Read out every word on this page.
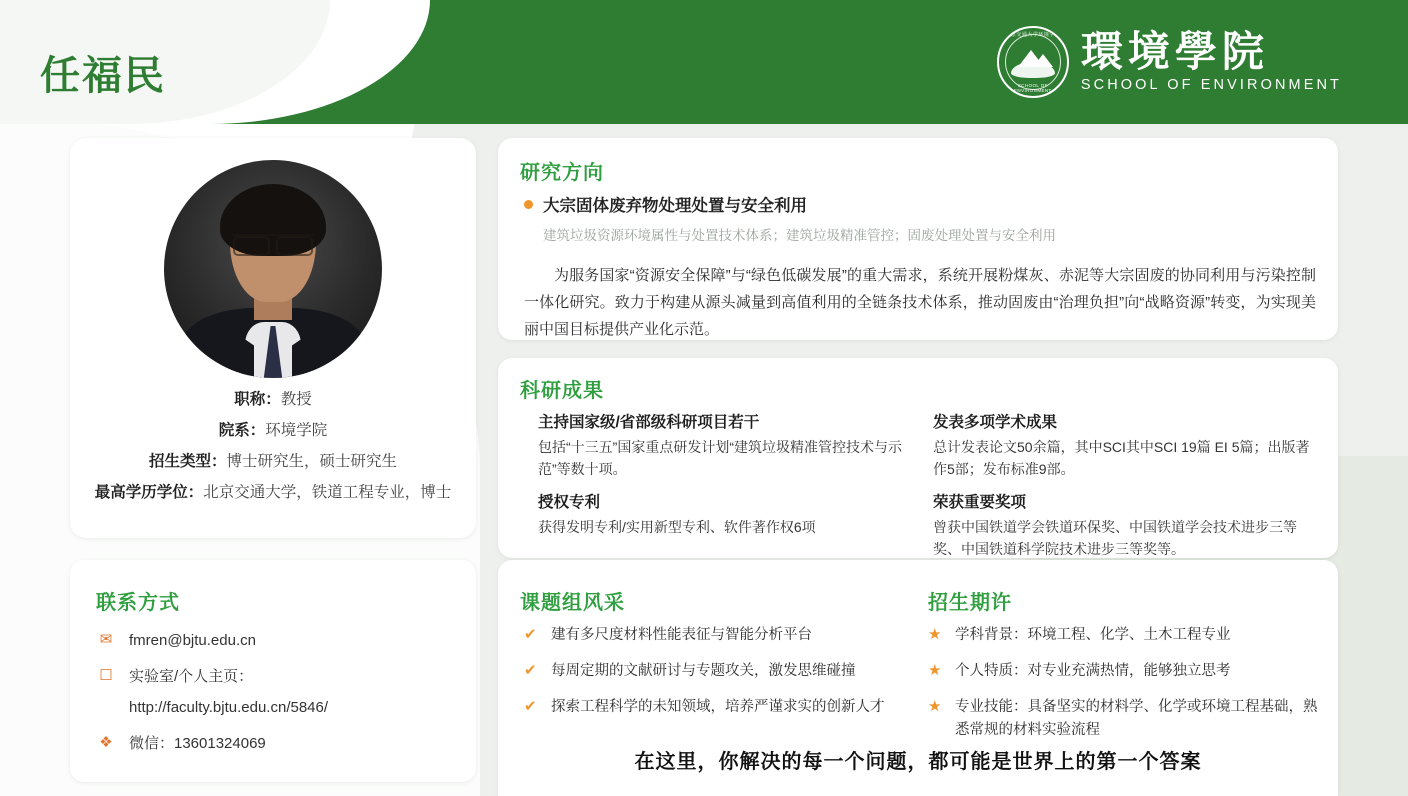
任福民
北京交通大学环境学院
SCHOOL OF ENVIRONMENT
環境學院
SCHOOL OF ENVIRONMENT
职称：教授
院系：环境学院
招生类型：博士研究生，硕士研究生
最高学历学位：北京交通大学，铁道工程专业，博士
联系方式
✉ fmren@bjtu.edu.cn
☐ 实验室/个人主页：
http://faculty.bjtu.edu.cn/5846/
❖ 微信：13601324069
研究方向
大宗固体废弃物处理处置与安全利用
建筑垃圾资源环境属性与处置技术体系；建筑垃圾精准管控；固废处理处置与安全利用
为服务国家“资源安全保障”与“绿色低碳发展”的重大需求，系统开展粉煤灰、赤泥等大宗固废的协同利用与污染控制一体化研究。致力于构建从源头减量到高值利用的全链条技术体系，推动固废由“治理负担”向“战略资源”转变，为实现美丽中国目标提供产业化示范。
科研成果
主持国家级/省部级科研项目若干
包括“十三五”国家重点研发计划“建筑垃圾精准管控技术与示范”等数十项。
授权专利
获得发明专利/实用新型专利、软件著作权6项
发表多项学术成果
总计发表论文50余篇，其中SCI其中SCI 19篇 EI 5篇；出版著作5部；发布标准9部。
荣获重要奖项
曾获中国铁道学会铁道环保奖、中国铁道学会技术进步三等奖、中国铁道科学院技术进步三等奖等。
课题组风采	招生期许
✔ 建有多尺度材料性能表征与智能分析平台
✔ 每周定期的文献研讨与专题攻关，激发思维碰撞
✔ 探索工程科学的未知领域，培养严谨求实的创新人才
★ 学科背景：环境工程、化学、土木工程专业
★ 个人特质：对专业充满热情，能够独立思考
★ 专业技能：具备坚实的材料学、化学或环境工程基础，熟悉常规的材料实验流程
在这里，你解决的每一个问题，都可能是世界上的第一个答案
